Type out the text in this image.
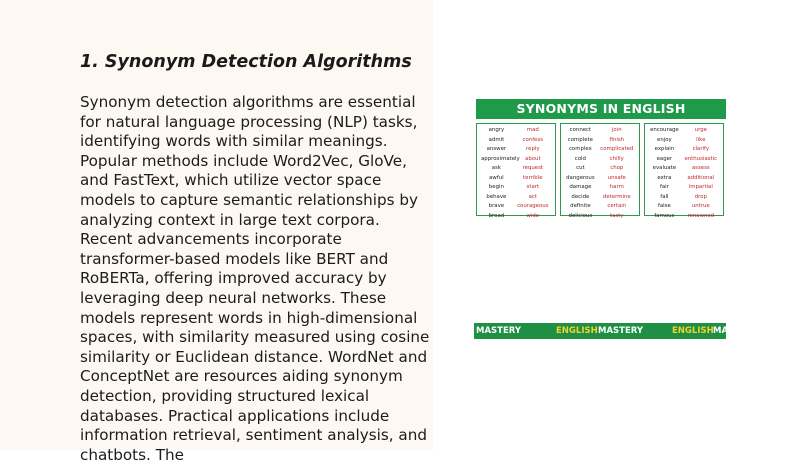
1. Synonym Detection Algorithms

Synonym detection algorithms are essential for natural language processing (NLP) tasks, identifying words with similar meanings. Popular methods include Word2Vec, GloVe, and FastText, which utilize vector space models to capture semantic relationships by analyzing context in large text corpora. Recent advancements incorporate transformer-based models like BERT and RoBERTa, offering improved accuracy by leveraging deep neural networks. These models represent words in high-dimensional spaces, with similarity measured using cosine similarity or Euclidean distance. WordNet and ConceptNet are resources aiding synonym detection, providing structured lexical databases. Practical applications include information retrieval, sentiment analysis, and chatbots. The

SYNONYMS IN ENGLISH
angry	mad
admit	confess
answer	reply
approximately about
ask	request
awful	terrible
begin	start
behave	act
brave	courageous
broad	wide
connect	join
complete	finish
complex	complicated
cold	chilly
cut	chop
dangerous	unsafe
damage	harm
decide	determine
definite	certain
delicious	tasty
encourage	urge
enjoy	like
explain	clarify
eager	enthusiastic
evaluate	assess
extra	additional
fair	impartial
fall	drop
false	untrue
famous	renowned
MASTERY	ENGLISH MASTERY	ENGLISH MA
